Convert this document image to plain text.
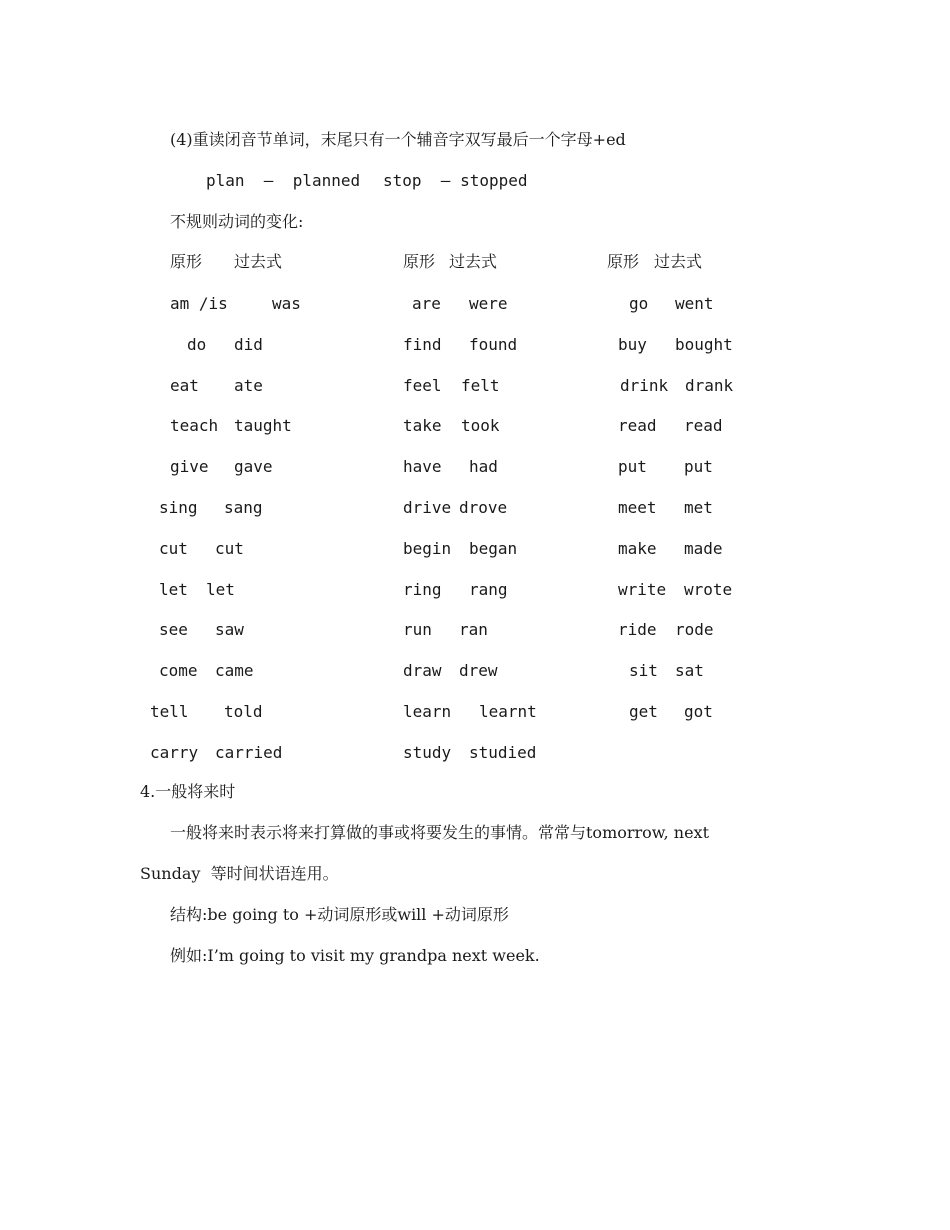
(4)重读闭音节单词，末尾只有一个辅音字双写最后一个字母+ed
plan  –  planned stop  – stopped
不规则动词的变化:
原形 过去式	原形 过去式	原形 过去式
am /is	was	are were	go went
do did	find found	buy bought
eat ate	feel felt	drink drank
teach taught	take took	read read
give gave	have had	put put
sing sang	drive drove	meet met
cut cut	begin began	make made
let let	ring rang	write wrote
see saw	run ran	ride rode
come came	draw drew	sit sat
tell told	learn learnt	get got
carry carried	study studied
4.一般将来时
一般将来时表示将来打算做的事或将要发生的事情。常常与tomorrow, next
Sunday  等时间状语连用。
结构:be going to +动词原形或will +动词原形
例如:I’m going to visit my grandpa next week.
